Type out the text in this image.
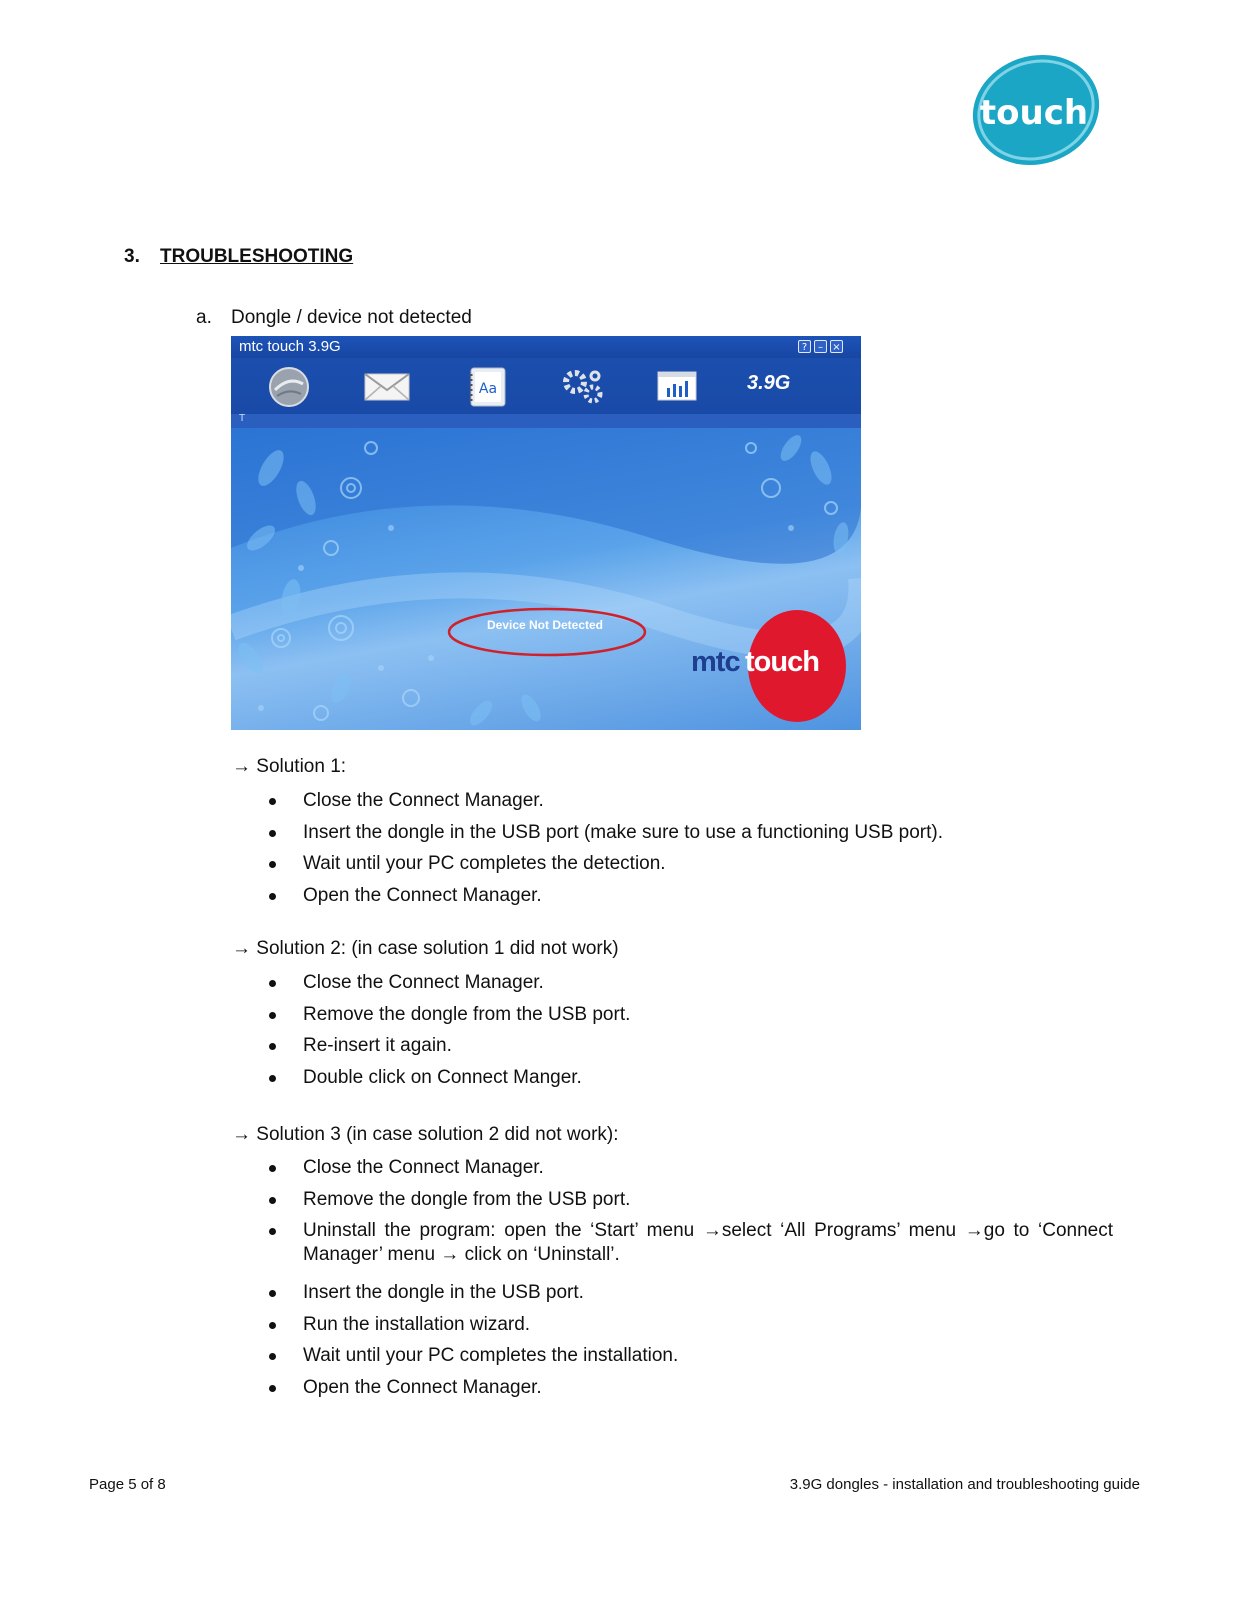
touch
3. TROUBLESHOOTING
a. Dongle / device not detected
mtc touch 3.9G	?	– ×
Aa	3.9G
T
Device Not Detected
mtc touch
→ Solution 1:
Close the Connect Manager.
Insert the dongle in the USB port (make sure to use a functioning USB port).
Wait until your PC completes the detection.
Open the Connect Manager.
→ Solution 2: (in case solution 1 did not work)
Close the Connect Manager.
Remove the dongle from the USB port.
Re-insert it again.
Double click on Connect Manger.
→ Solution 3 (in case solution 2 did not work):
Close the Connect Manager.
Remove the dongle from the USB port.
Uninstall the program: open the ‘Start’ menu →select ‘All Programs’ menu →go to ‘Connect Manager’ menu → click on ‘Uninstall’.
Insert the dongle in the USB port.
Run the installation wizard.
Wait until your PC completes the installation.
Open the Connect Manager.
Page 5 of 8	3.9G dongles - installation and troubleshooting guide
